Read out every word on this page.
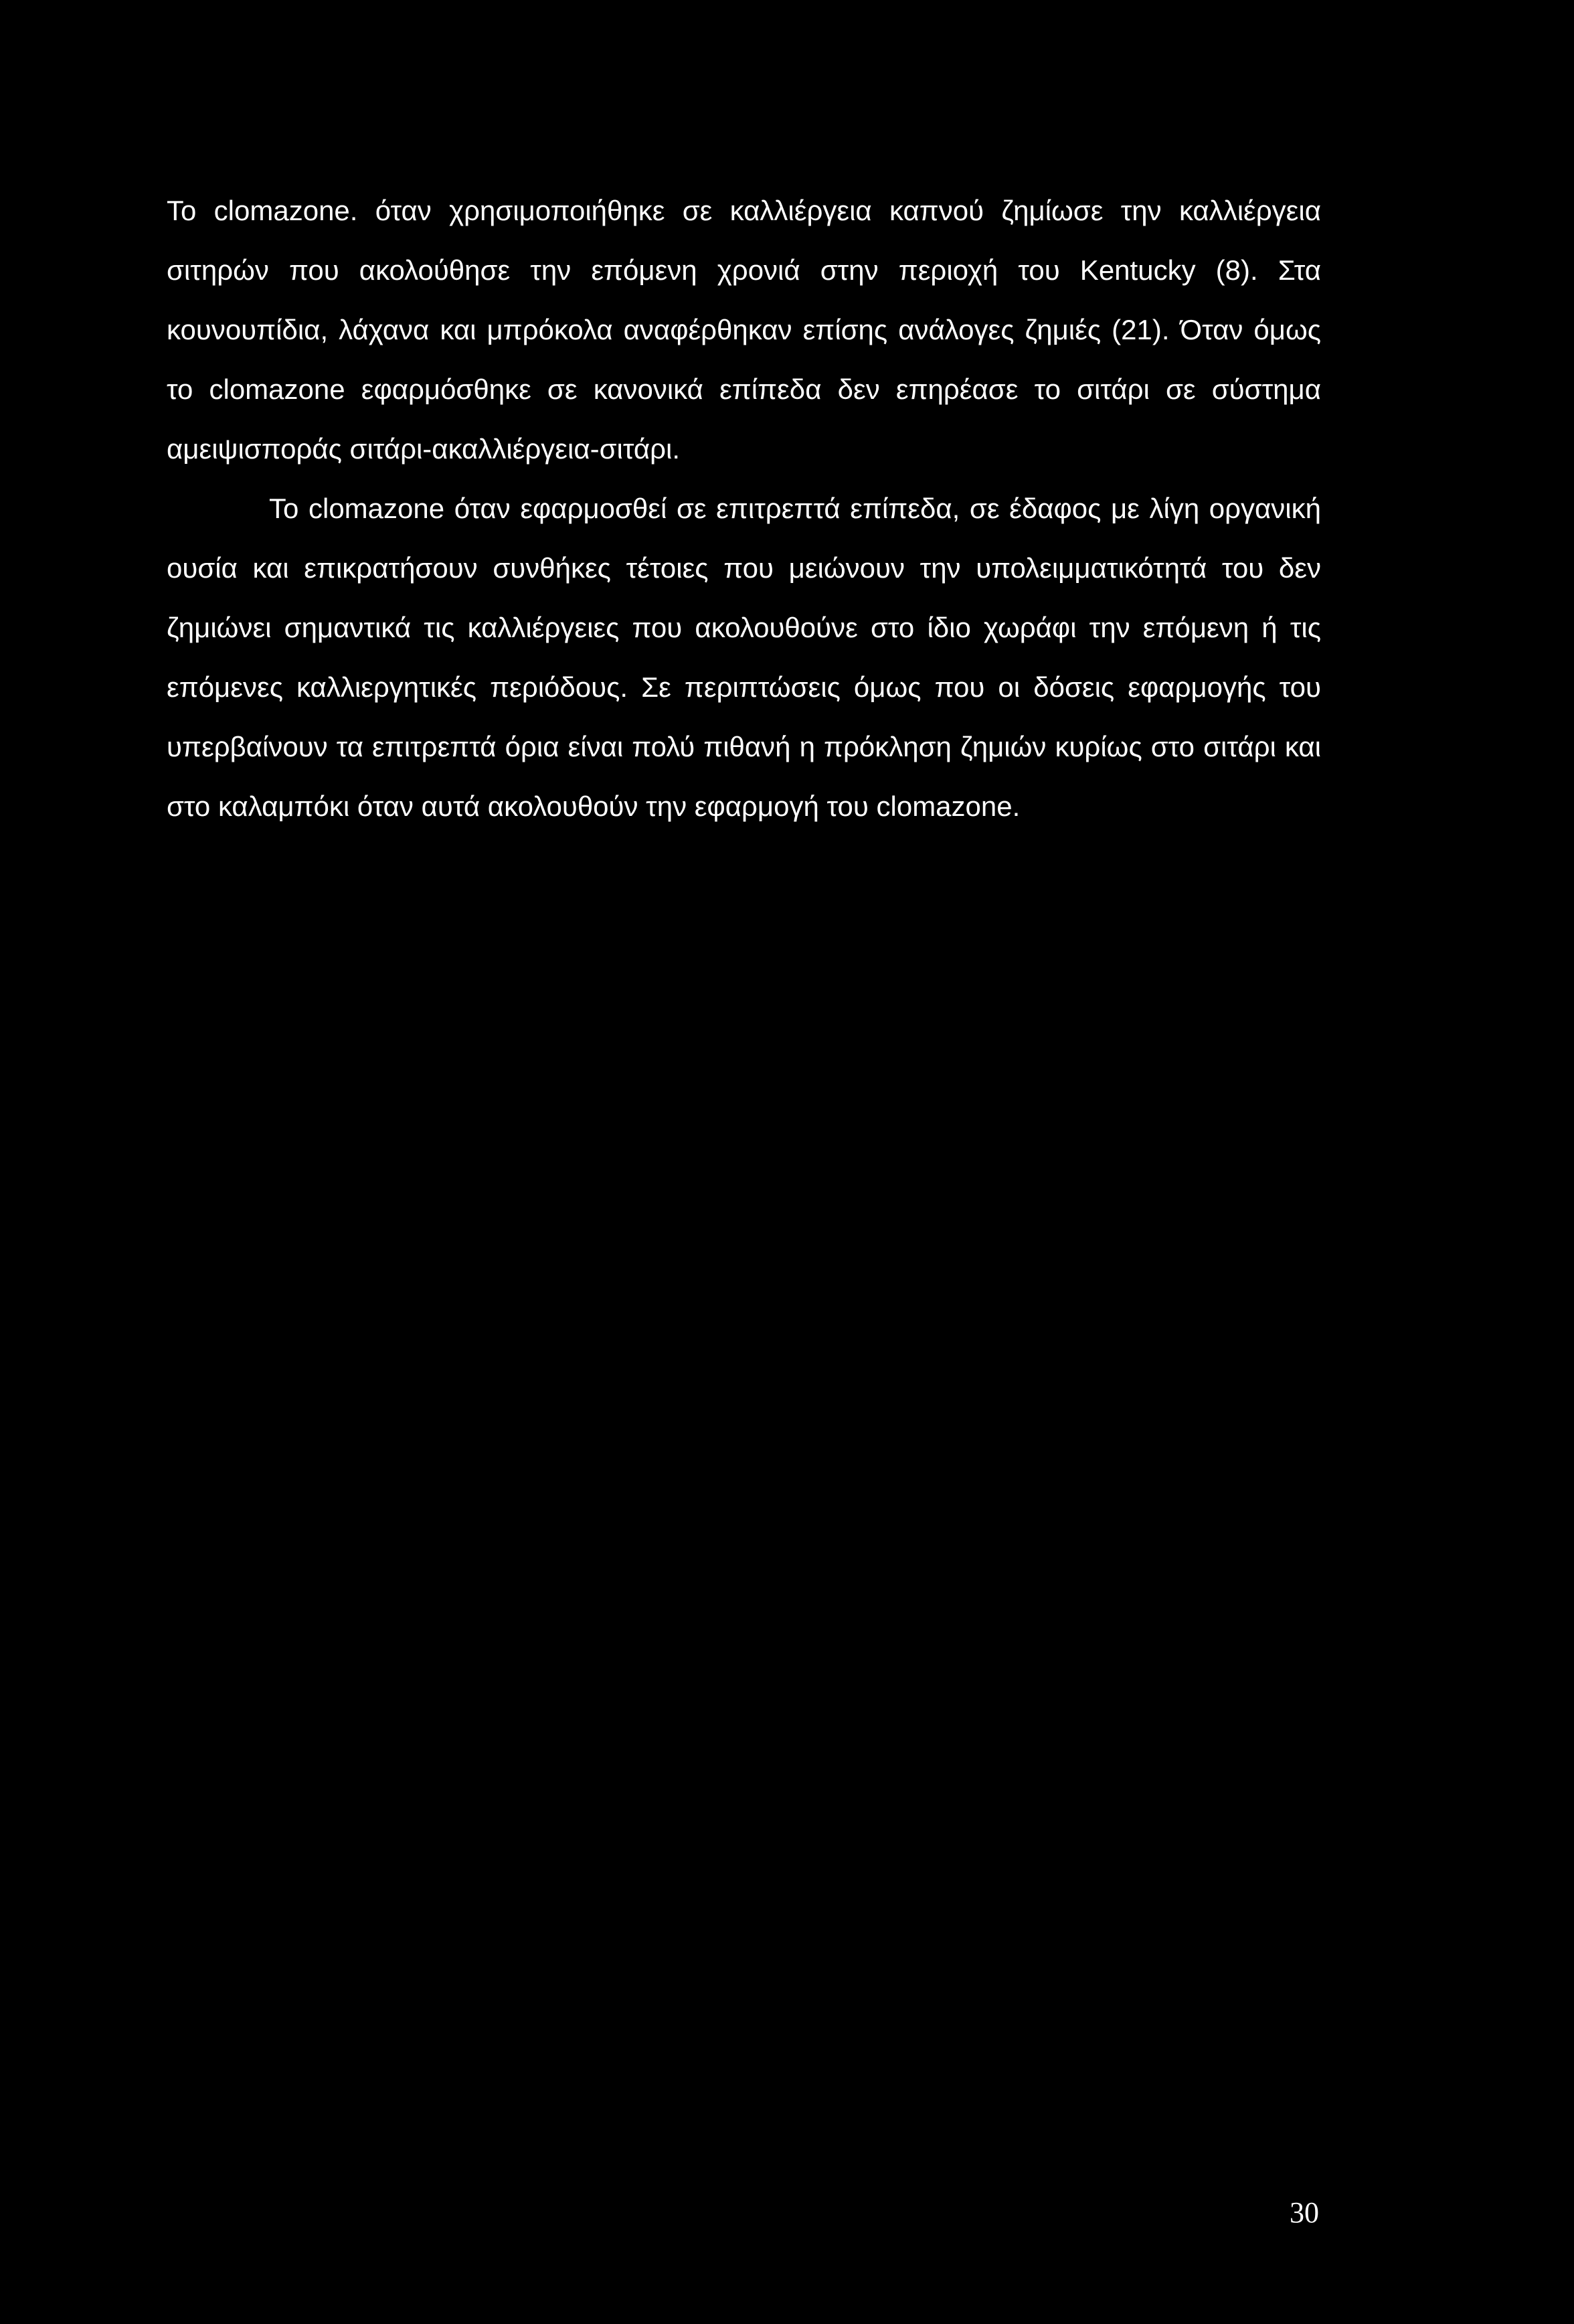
Το clomazone. όταν χρησιμοποιήθηκε σε καλλιέργεια καπνού ζημίωσε την καλλιέργεια σιτηρών που ακολούθησε την επόμενη χρονιά στην περιοχή του Kentucky (8). Στα κουνουπίδια, λάχανα και μπρόκολα αναφέρθηκαν επίσης ανάλογες ζημιές (21). Όταν όμως το clomazone εφαρμόσθηκε σε κανονικά επίπεδα δεν επηρέασε το σιτάρι σε σύστημα αμειψισποράς σιτάρι-ακαλλιέργεια-σιτάρι.

Το clomazone όταν εφαρμοσθεί σε επιτρεπτά επίπεδα, σε έδαφος με λίγη οργανική ουσία και επικρατήσουν συνθήκες τέτοιες που μειώνουν την υπολειμματικότητά του δεν ζημιώνει σημαντικά τις καλλιέργειες που ακολουθούνε στο ίδιο χωράφι την επόμενη ή τις επόμενες καλλιεργητικές περιόδους. Σε περιπτώσεις όμως που οι δόσεις εφαρμογής του υπερβαίνουν τα επιτρεπτά όρια είναι πολύ πιθανή η πρόκληση ζημιών κυρίως στο σιτάρι και στο καλαμπόκι όταν αυτά ακολουθούν την εφαρμογή του clomazone.

30
